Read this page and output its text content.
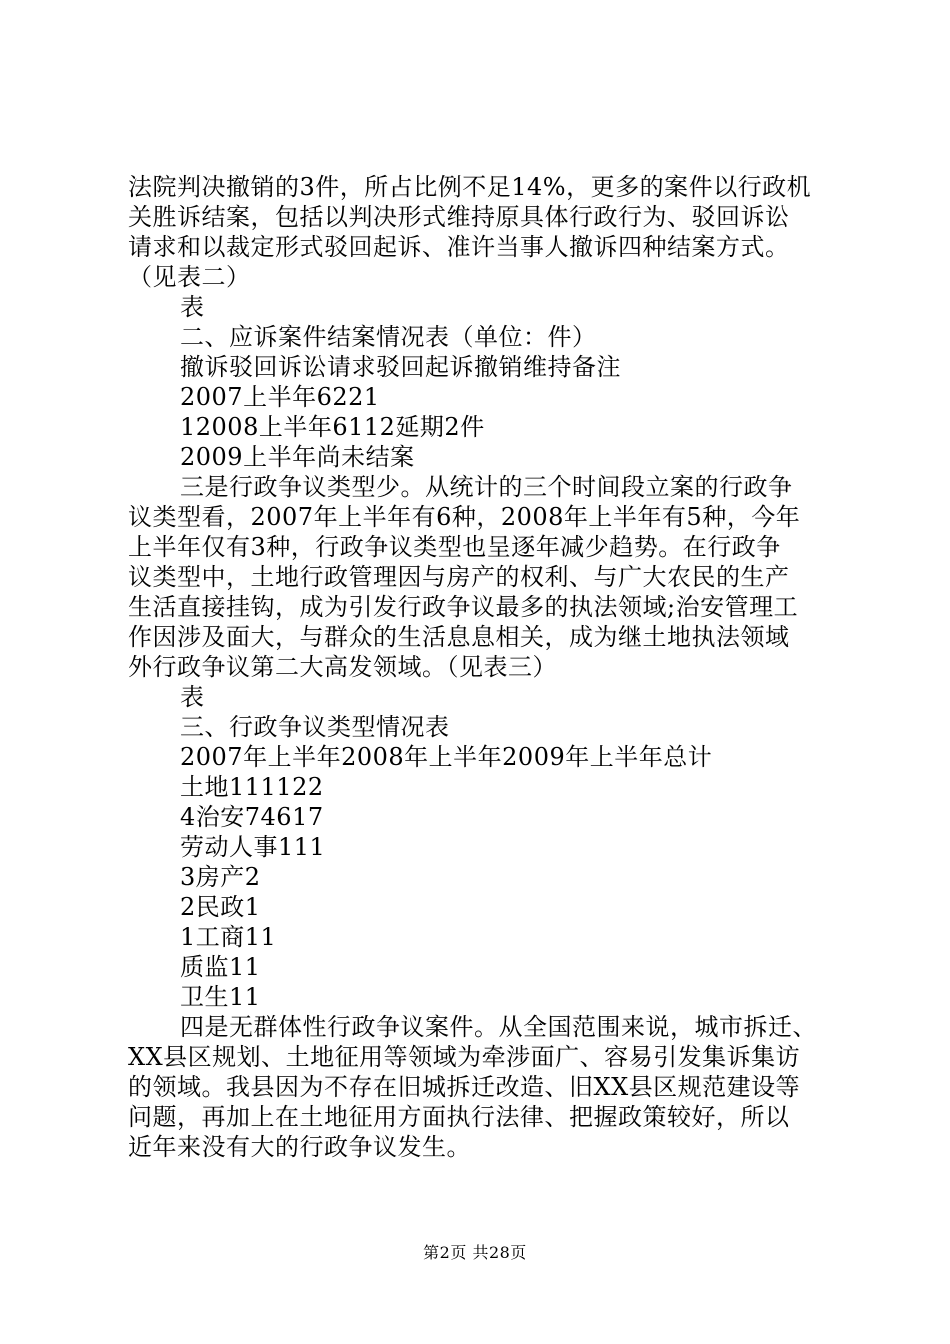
法院判决撤销的3件，所占比例不足14%，更多的案件以行政机
关胜诉结案，包括以判决形式维持原具体行政行为、驳回诉讼
请求和以裁定形式驳回起诉、准许当事人撤诉四种结案方式。
（见表二）
表
二、应诉案件结案情况表（单位：件）
撤诉驳回诉讼请求驳回起诉撤销维持备注
2007上半年6221
12008上半年6112延期2件
2009上半年尚未结案
三是行政争议类型少。从统计的三个时间段立案的行政争
议类型看，2007年上半年有6种，2008年上半年有5种，今年
上半年仅有3种，行政争议类型也呈逐年减少趋势。在行政争
议类型中，土地行政管理因与房产的权利、与广大农民的生产
生活直接挂钩，成为引发行政争议最多的执法领域;治安管理工
作因涉及面大，与群众的生活息息相关，成为继土地执法领域
外行政争议第二大高发领域。（见表三）
表
三、行政争议类型情况表
2007年上半年2008年上半年2009年上半年总计
土地111122
4治安74617
劳动人事111
3房产2
2民政1
1工商11
质监11
卫生11
四是无群体性行政争议案件。从全国范围来说，城市拆迁、
XX县区规划、土地征用等领域为牵涉面广、容易引发集诉集访
的领域。我县因为不存在旧城拆迁改造、旧XX县区规范建设等
问题，再加上在土地征用方面执行法律、把握政策较好，所以
近年来没有大的行政争议发生。
第2页 共28页
